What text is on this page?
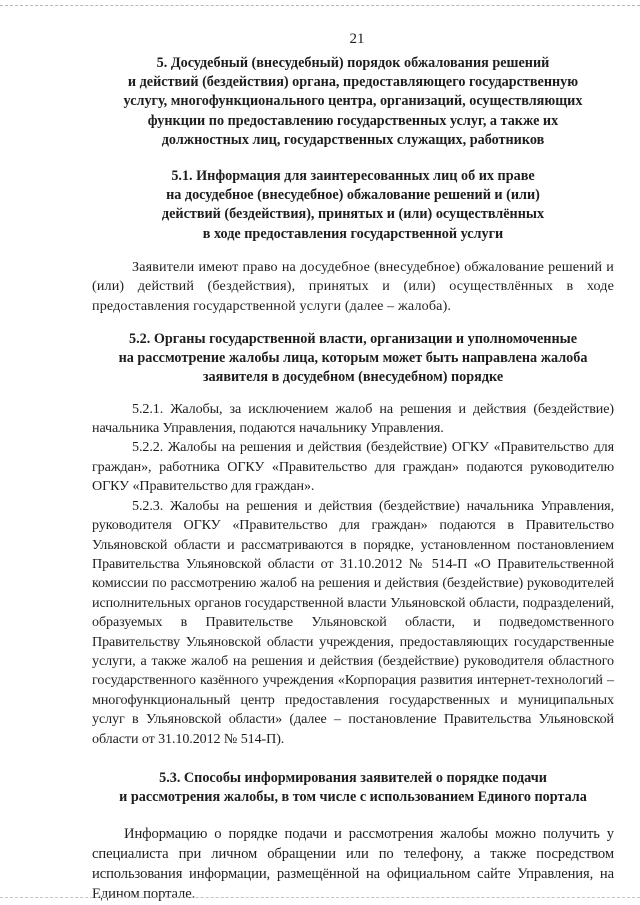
21
5. Досудебный (внесудебный) порядок обжалования решений
и действий (бездействия) органа, предоставляющего государственную
услугу, многофункционального центра, организаций, осуществляющих
функции по предоставлению государственных услуг, а также их
должностных лиц, государственных служащих, работников
5.1. Информация для заинтересованных лиц об их праве
на досудебное (внесудебное) обжалование решений и (или)
действий (бездействия), принятых и (или) осуществлённых
в ходе предоставления государственной услуги

Заявители имеют право на досудебное (внесудебное) обжалование решений и (или) действий (бездействия), принятых и (или) осуществлённых в ходе предоставления государственной услуги (далее – жалоба).

5.2. Органы государственной власти, организации и уполномоченные
на рассмотрение жалобы лица, которым может быть направлена жалоба
заявителя в досудебном (внесудебном) порядке

5.2.1. Жалобы, за исключением жалоб на решения и действия (бездействие) начальника Управления, подаются начальнику Управления.

5.2.2. Жалобы на решения и действия (бездействие) ОГКУ «Правительство для граждан», работника ОГКУ «Правительство для граждан» подаются руководителю ОГКУ «Правительство для граждан».

5.2.3. Жалобы на решения и действия (бездействие) начальника Управления, руководителя ОГКУ «Правительство для граждан» подаются в Правительство Ульяновской области и рассматриваются в порядке, установленном постановлением Правительства Ульяновской области от 31.10.2012 № 514-П «О Правительственной комиссии по рассмотрению жалоб на решения и действия (бездействие) руководителей исполнительных органов государственной власти Ульяновской области, подразделений, образуемых в Правительстве Ульяновской области, и подведомственного Правительству Ульяновской области учреждения, предоставляющих государственные услуги, а также жалоб на решения и действия (бездействие) руководителя областного государственного казённого учреждения «Корпорация развития интернет-технологий – многофункциональный центр предоставления государственных и муниципальных услуг в Ульяновской области» (далее – постановление Правительства Ульяновской области от 31.10.2012 № 514-П).

5.3. Способы информирования заявителей о порядке подачи
и рассмотрения жалобы, в том числе с использованием Единого портала

Информацию о порядке подачи и рассмотрения жалобы можно получить у специалиста при личном обращении или по телефону, а также посредством использования информации, размещённой на официальном сайте Управления, на Едином портале.
